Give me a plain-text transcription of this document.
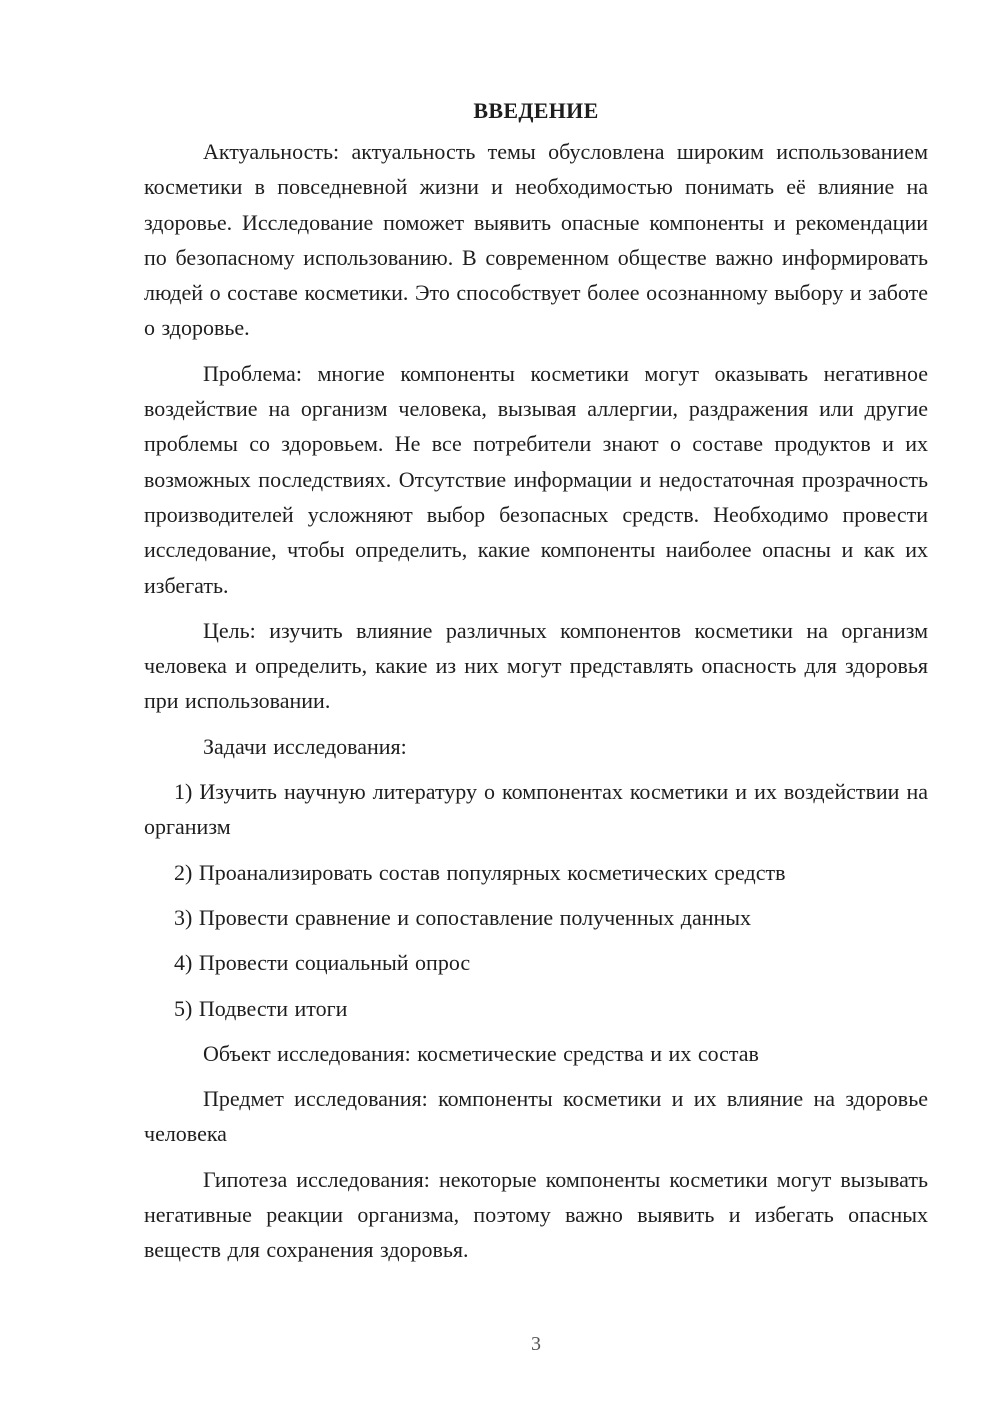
ВВЕДЕНИЕ

Актуальность: актуальность темы обусловлена широким использованием косметики в повседневной жизни и необходимостью понимать её влияние на здоровье. Исследование поможет выявить опасные компоненты и рекомендации по безопасному использованию. В современном обществе важно информировать людей о составе косметики. Это способствует более осознанному выбору и заботе о здоровье.

Проблема: многие компоненты косметики могут оказывать негативное воздействие на организм человека, вызывая аллергии, раздражения или другие проблемы со здоровьем. Не все потребители знают о составе продуктов и их возможных последствиях. Отсутствие информации и недостаточная прозрачность производителей усложняют выбор безопасных средств. Необходимо провести исследование, чтобы определить, какие компоненты наиболее опасны и как их избегать.

Цель: изучить влияние различных компонентов косметики на организм человека и определить, какие из них могут представлять опасность для здоровья при использовании.

Задачи исследования:

1) Изучить научную литературу о компонентах косметики и их воздействии на организм

2) Проанализировать состав популярных косметических средств

3) Провести сравнение и сопоставление полученных данных

4) Провести социальный опрос

5) Подвести итоги

Объект исследования: косметические средства и их состав

Предмет исследования: компоненты косметики и их влияние на здоровье человека

Гипотеза исследования: некоторые компоненты косметики могут вызывать негативные реакции организма, поэтому важно выявить и избегать опасных веществ для сохранения здоровья.

3
